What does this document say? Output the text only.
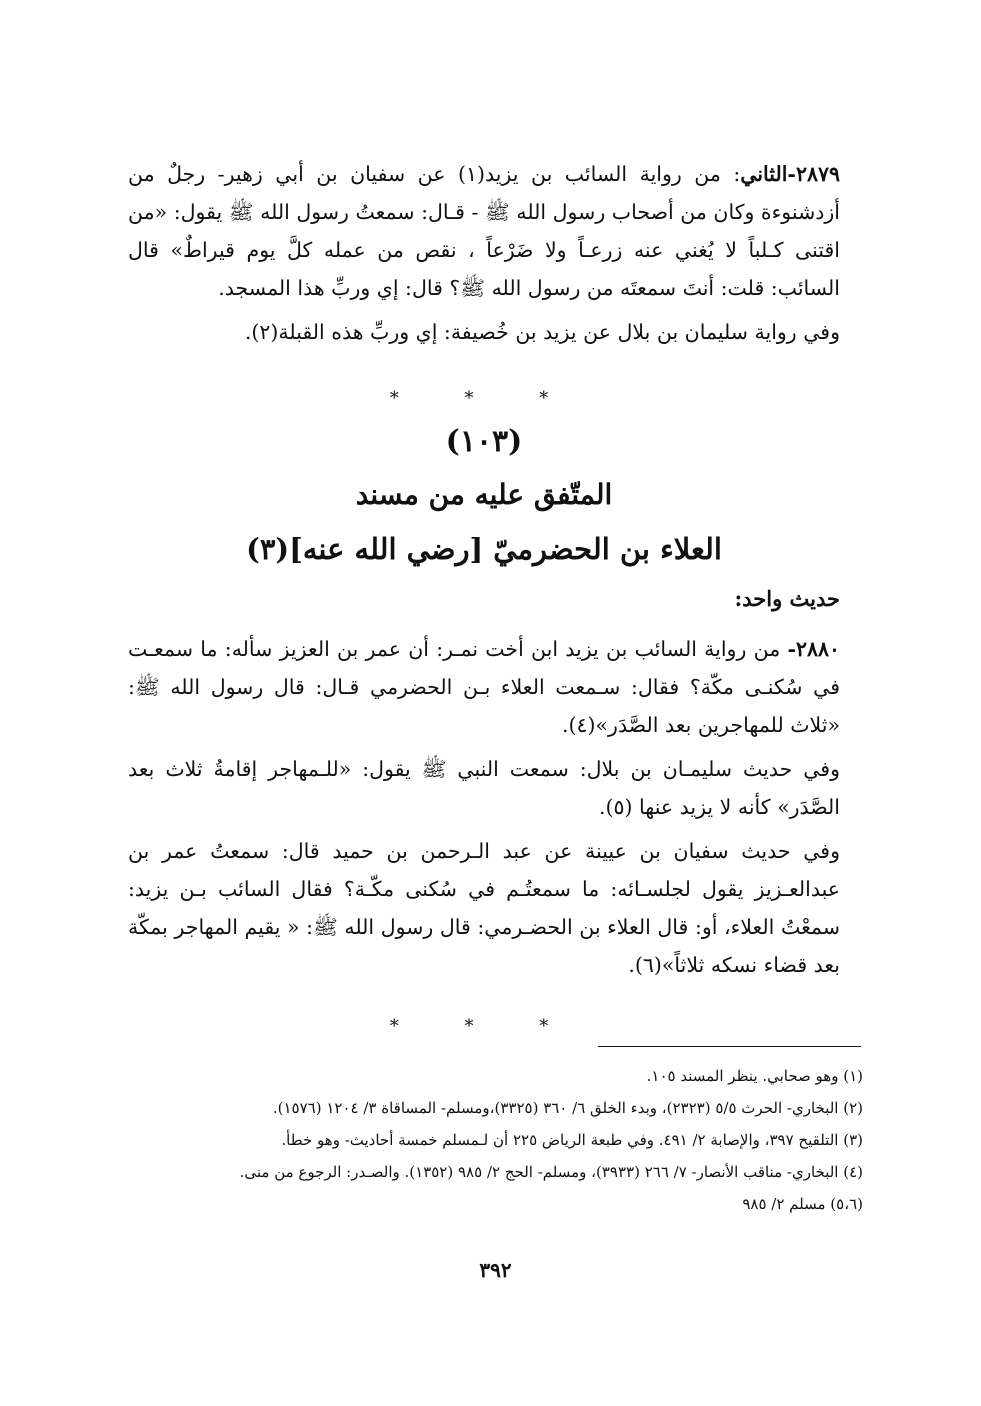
٢٨٧٩-الثاني: من رواية السائب بن يزيد(١) عن سفيان بن أبي زهير- رجلٌ من أزدشنوءة وكان من أصحاب رسول الله ﷺ - قـال: سمعتُ رسول الله ﷺ يقول: «من اقتنى كـلباً لا يُغني عنه زرعـاً ولا ضَرْعاً ، نقص من عمله كلَّ يوم قيراطٌ» قال السائب: قلت: أنتَ سمعتَه من رسول الله ﷺ؟ قال: إي وربِّ هذا المسجد.

وفي رواية سليمان بن بلال عن يزيد بن خُصيفة: إي وربِّ هذه القبلة(٢).

* * *
(١٠٣)
المتّفق عليه من مسند
العلاء بن الحضرميّ [رضي الله عنه](٣)
حديث واحد:

٢٨٨٠- من رواية السائب بن يزيد ابن أخت نمـر: أن عمر بن العزيز سأله: ما سمعـت في سُكنـى مكّة؟ فقال: سـمعت العلاء بـن الحضرمي قـال: قال رسول الله ﷺ: «ثلاث للمهاجرين بعد الصَّدَر»(٤).

وفي حديث سليمـان بن بلال: سمعت النبي ﷺ يقول: «للـمهاجر إقامةُ ثلاث بعد الصَّدَر» كأنه لا يزيد عنها (٥).

وفي حديث سفيان بن عيينة عن عبد الـرحمن بن حميد قال: سمعتُ عمر بن عبدالعـزيز يقول لجلسـائه: ما سمعتُـم في سُكنى مكّـة؟ فقال السائب بـن يزيد: سمعْتُ العلاء، أو: قال العلاء بن الحضـرمي: قال رسول الله ﷺ: « يقيم المهاجر بمكّة بعد قضاء نسكه ثلاثاً»(٦).

* * *

(١) وهو صحابي. ينظر المسند ١٠٥.

(٢) البخاري- الحرث ٥/٥ (٢٣٢٣)، وبدء الخلق ٦/ ٣٦٠ (٣٣٢٥)،ومسلم- المساقاة ٣/ ١٢٠٤ (١٥٧٦).

(٣) التلقيح ٣٩٧، والإصابة ٢/ ٤٩١. وفي طبعة الرياض ٢٢٥ أن لـمسلم خمسة أحاديث- وهو خطأ.

(٤) البخاري- مناقب الأنصار- ٧/ ٢٦٦ (٣٩٣٣)، ومسلم- الحج ٢/ ٩٨٥ (١٣٥٢). والصـدر: الرجوع من منى.

(٥،٦) مسلم ٢/ ٩٨٥

٣٩٢
